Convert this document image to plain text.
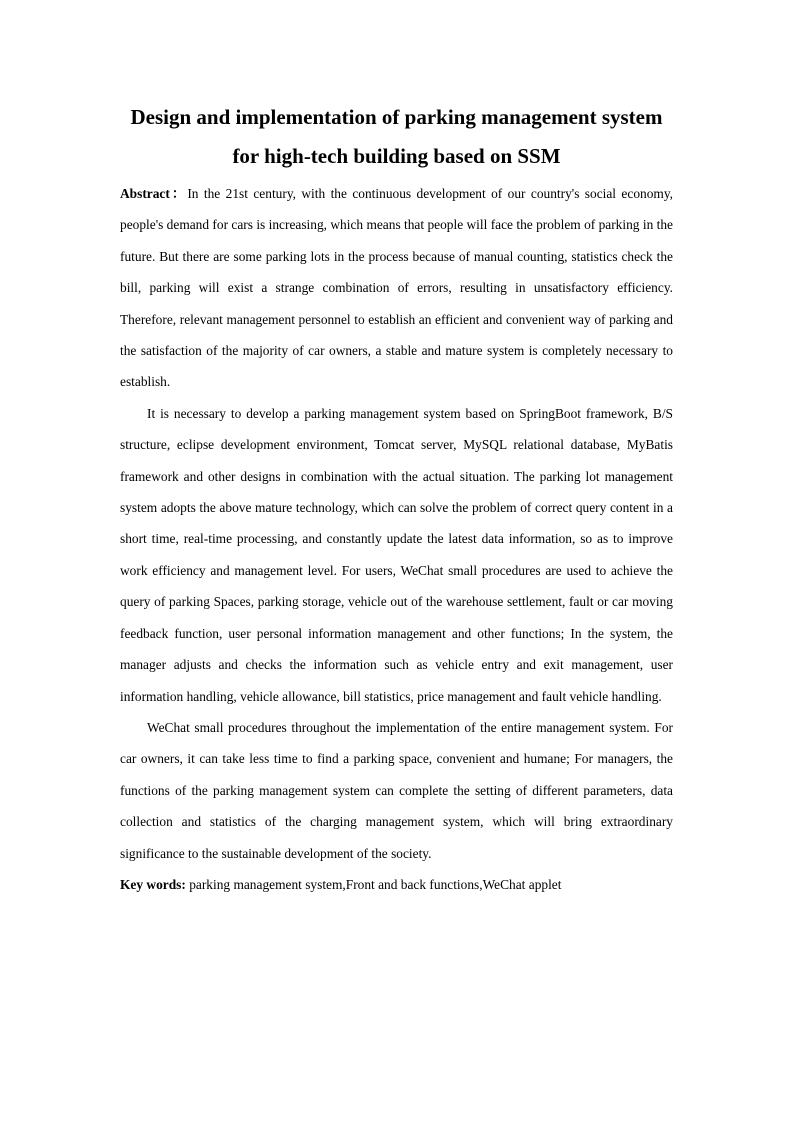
Design and implementation of parking management system
for high-tech building based on SSM

Abstract：In the 21st century, with the continuous development of our country's social economy, people's demand for cars is increasing, which means that people will face the problem of parking in the future. But there are some parking lots in the process because of manual counting, statistics check the bill, parking will exist a strange combination of errors, resulting in unsatisfactory efficiency. Therefore, relevant management personnel to establish an efficient and convenient way of parking and the satisfaction of the majority of car owners, a stable and mature system is completely necessary to establish.

It is necessary to develop a parking management system based on SpringBoot framework, B/S structure, eclipse development environment, Tomcat server, MySQL relational database, MyBatis framework and other designs in combination with the actual situation. The parking lot management system adopts the above mature technology, which can solve the problem of correct query content in a short time, real-time processing, and constantly update the latest data information, so as to improve work efficiency and management level. For users, WeChat small procedures are used to achieve the query of parking Spaces, parking storage, vehicle out of the warehouse settlement, fault or car moving feedback function, user personal information management and other functions; In the system, the manager adjusts and checks the information such as vehicle entry and exit management, user information handling, vehicle allowance, bill statistics, price management and fault vehicle handling.

WeChat small procedures throughout the implementation of the entire management system. For car owners, it can take less time to find a parking space, convenient and humane; For managers, the functions of the parking management system can complete the setting of different parameters, data collection and statistics of the charging management system, which will bring extraordinary significance to the sustainable development of the society.

Key words: parking management system,Front and back functions,WeChat applet
